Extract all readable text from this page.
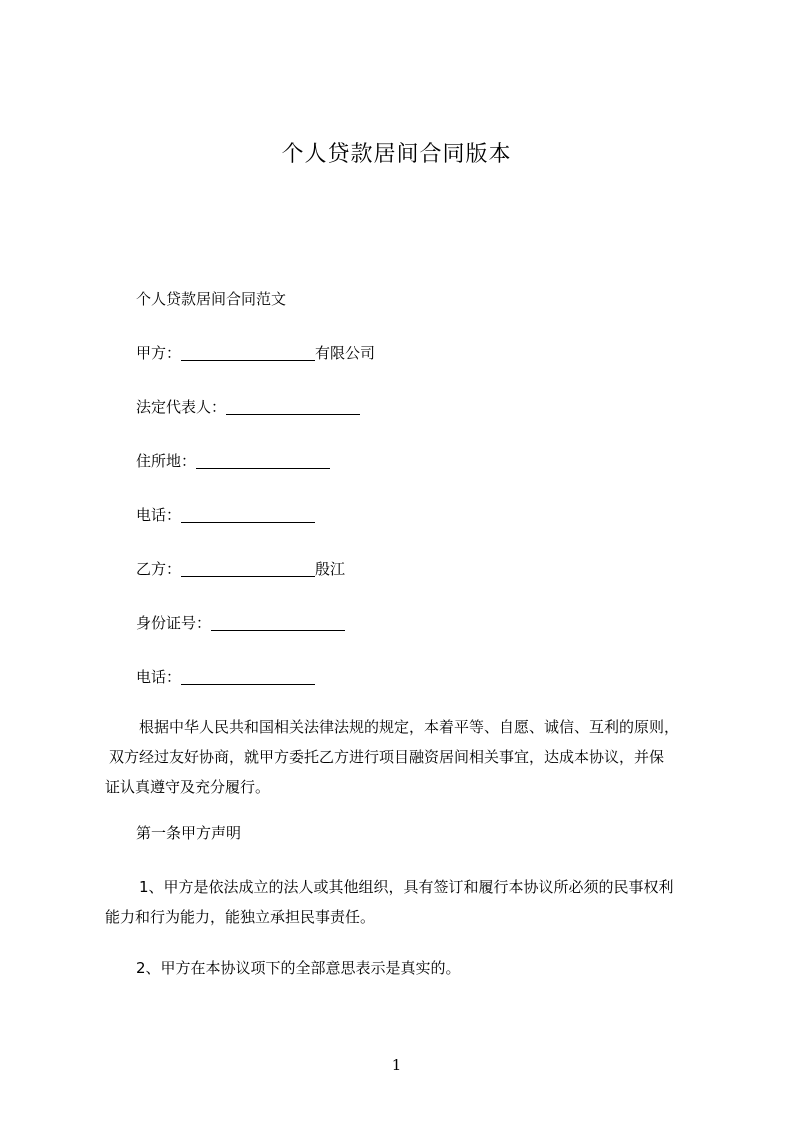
个人贷款居间合同版本
个人贷款居间合同范文
甲方：	有限公司
法定代表人：
住所地：
电话：
乙方：	殷江
身份证号：
电话：
根据中华人民共和国相关法律法规的规定，本着平等、自愿、诚信、互利的原则，
双方经过友好协商，就甲方委托乙方进行项目融资居间相关事宜，达成本协议，并保
证认真遵守及充分履行。
第一条甲方声明
1、甲方是依法成立的法人或其他组织，具有签订和履行本协议所必须的民事权利
能力和行为能力，能独立承担民事责任。
2、甲方在本协议项下的全部意思表示是真实的。
1
